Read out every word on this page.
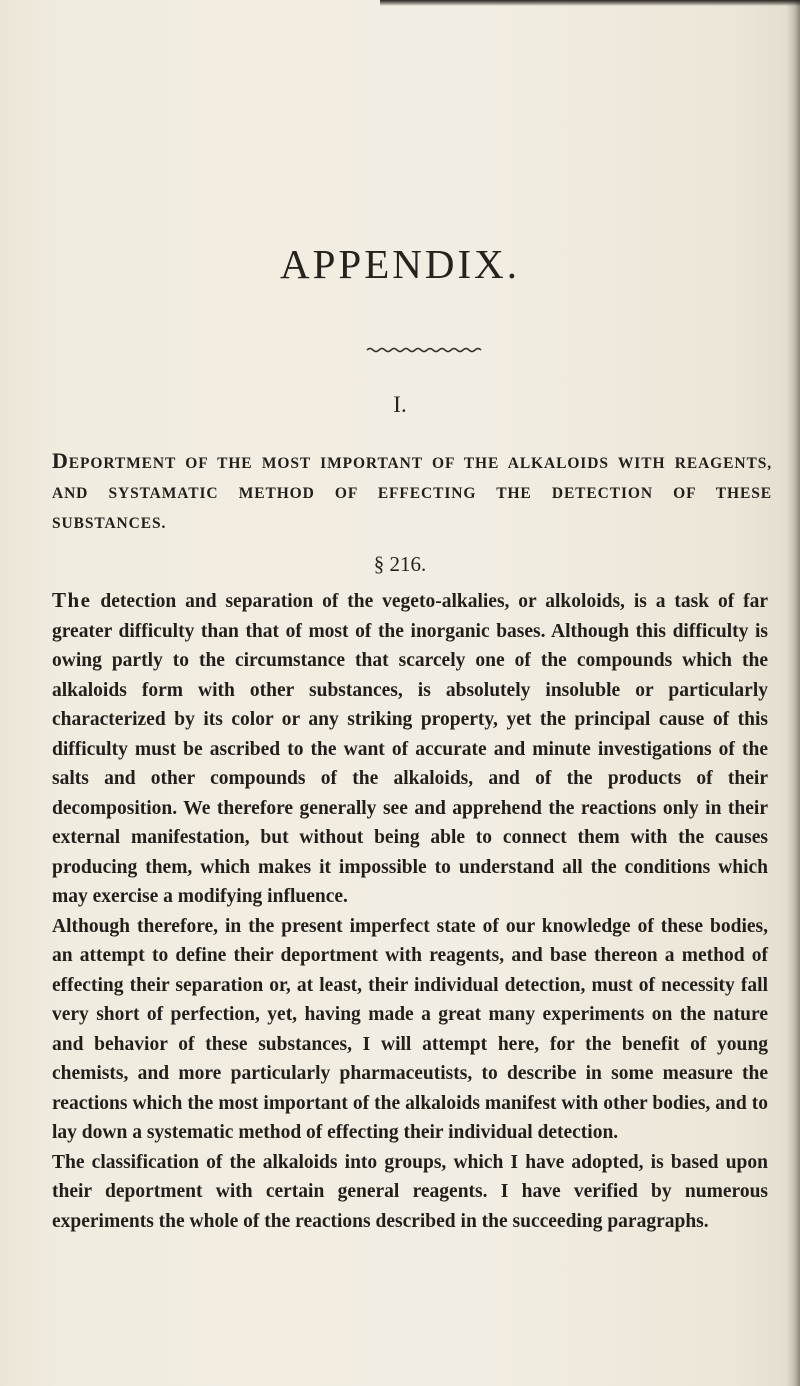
APPENDIX.
I.
DEPORTMENT OF THE MOST IMPORTANT OF THE ALKALOIDS WITH REAGENTS, AND SYSTAMATIC METHOD OF EFFECTING THE DETECTION OF THESE SUBSTANCES.
§ 216.

The detection and separation of the vegeto-alkalies, or alkoloids, is a task of far greater difficulty than that of most of the inorganic bases. Although this difficulty is owing partly to the circumstance that scarcely one of the compounds which the alkaloids form with other substances, is absolutely insoluble or particularly characterized by its color or any striking property, yet the principal cause of this difficulty must be ascribed to the want of accurate and minute investigations of the salts and other compounds of the alkaloids, and of the products of their decomposition. We therefore generally see and apprehend the reactions only in their external manifestation, but without being able to connect them with the causes producing them, which makes it impossible to understand all the conditions which may exercise a modifying influence.

Although therefore, in the present imperfect state of our knowledge of these bodies, an attempt to define their deportment with reagents, and base thereon a method of effecting their separation or, at least, their individual detection, must of necessity fall very short of perfection, yet, having made a great many experiments on the nature and behavior of these substances, I will attempt here, for the benefit of young chemists, and more particularly pharmaceutists, to describe in some measure the reactions which the most important of the alkaloids manifest with other bodies, and to lay down a systematic method of effecting their individual detection.

The classification of the alkaloids into groups, which I have adopted, is based upon their deportment with certain general reagents. I have verified by numerous experiments the whole of the reactions described in the succeeding paragraphs.
